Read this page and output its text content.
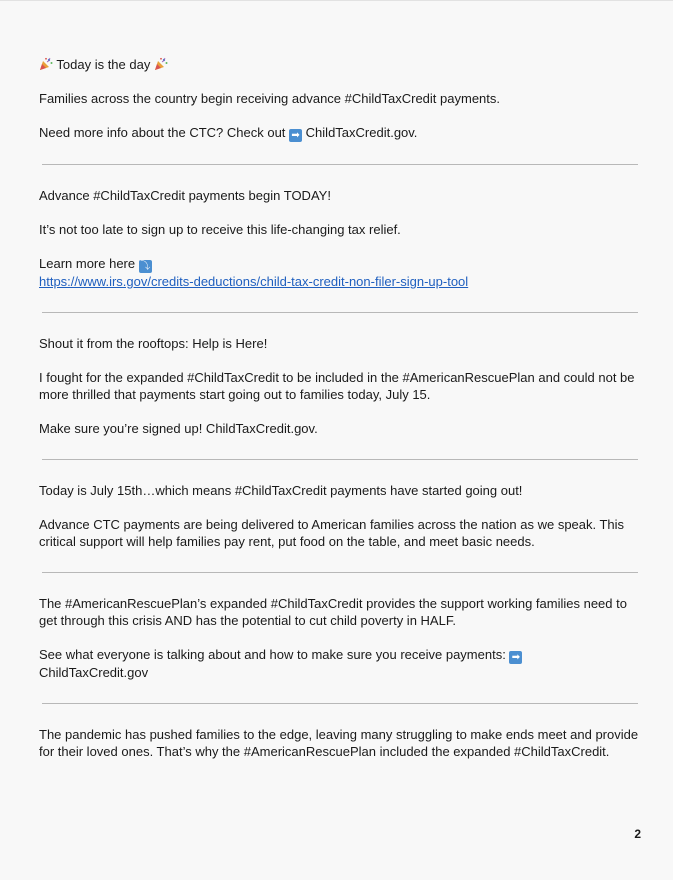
Today is the day

Families across the country begin receiving advance #ChildTaxCredit payments.

Need more info about the CTC? Check out ➡ ChildTaxCredit.gov.

Advance #ChildTaxCredit payments begin TODAY!

It’s not too late to sign up to receive this life-changing tax relief.

Learn more here ⤵
https://www.irs.gov/credits-deductions/child-tax-credit-non-filer-sign-up-tool

Shout it from the rooftops: Help is Here!

I fought for the expanded #ChildTaxCredit to be included in the #AmericanRescuePlan and could not be more thrilled that payments start going out to families today, July 15.

Make sure you’re signed up! ChildTaxCredit.gov.

Today is July 15th…which means #ChildTaxCredit payments have started going out!

Advance CTC payments are being delivered to American families across the nation as we speak. This critical support will help families pay rent, put food on the table, and meet basic needs.

The #AmericanRescuePlan’s expanded #ChildTaxCredit provides the support working families need to get through this crisis AND has the potential to cut child poverty in HALF.

See what everyone is talking about and how to make sure you receive payments: ➡
ChildTaxCredit.gov

The pandemic has pushed families to the edge, leaving many struggling to make ends meet and provide for their loved ones. That’s why the #AmericanRescuePlan included the expanded #ChildTaxCredit.

2
